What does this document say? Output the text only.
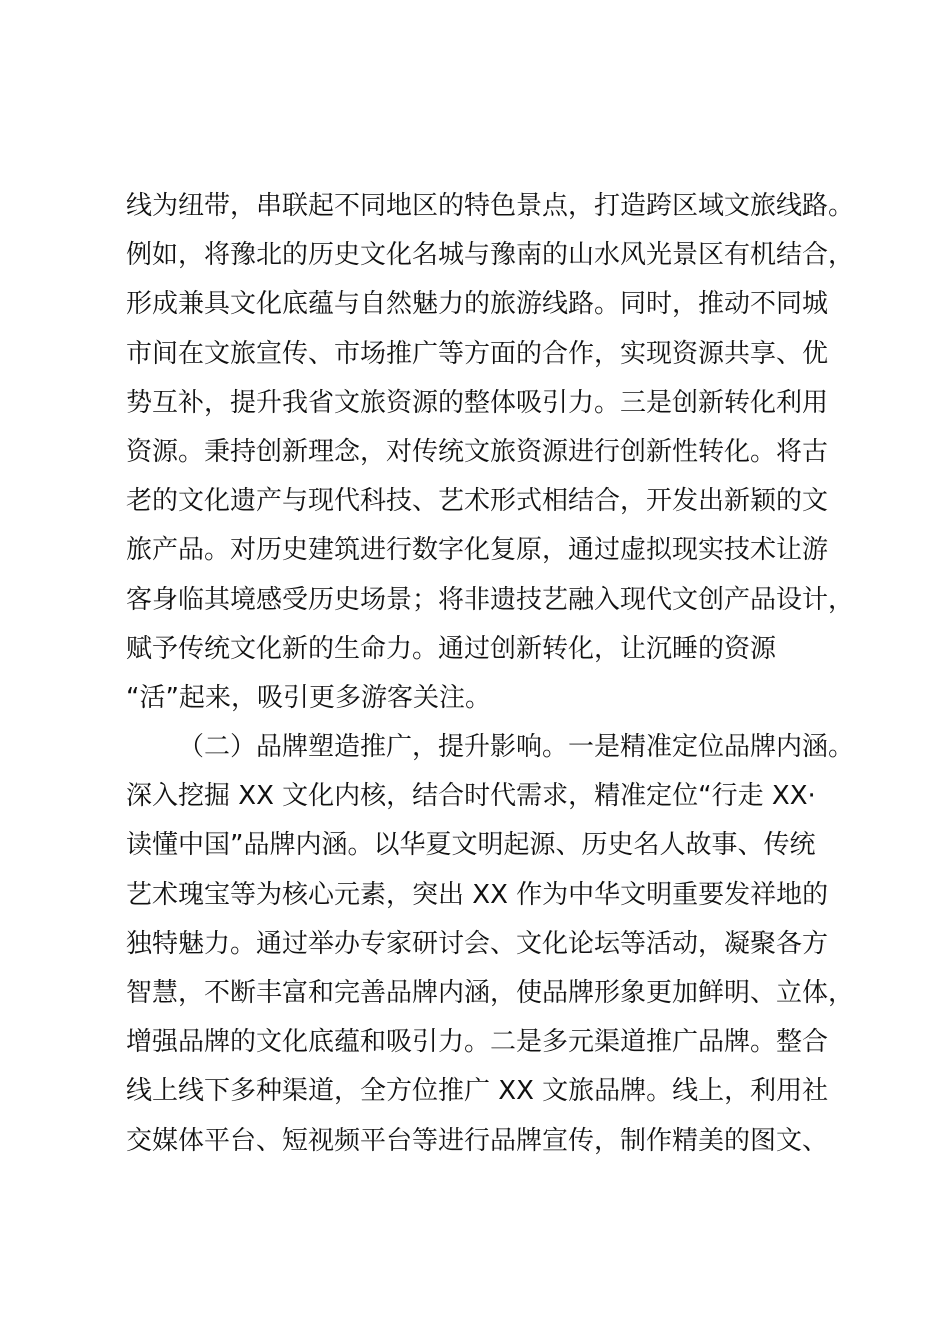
线为纽带，串联起不同地区的特色景点，打造跨区域文旅线路。
例如，将豫北的历史文化名城与豫南的山水风光景区有机结合，
形成兼具文化底蕴与自然魅力的旅游线路。同时，推动不同城
市间在文旅宣传、市场推广等方面的合作，实现资源共享、优
势互补，提升我省文旅资源的整体吸引力。三是创新转化利用
资源。秉持创新理念，对传统文旅资源进行创新性转化。将古
老的文化遗产与现代科技、艺术形式相结合，开发出新颖的文
旅产品。对历史建筑进行数字化复原，通过虚拟现实技术让游
客身临其境感受历史场景；将非遗技艺融入现代文创产品设计，
赋予传统文化新的生命力。通过创新转化，让沉睡的资源
“活”起来，吸引更多游客关注。
（二）品牌塑造推广，提升影响。一是精准定位品牌内涵。
深入挖掘 XX 文化内核，结合时代需求，精准定位“行走 XX·
读懂中国”品牌内涵。以华夏文明起源、历史名人故事、传统
艺术瑰宝等为核心元素，突出 XX 作为中华文明重要发祥地的
独特魅力。通过举办专家研讨会、文化论坛等活动，凝聚各方
智慧，不断丰富和完善品牌内涵，使品牌形象更加鲜明、立体，
增强品牌的文化底蕴和吸引力。二是多元渠道推广品牌。整合
线上线下多种渠道，全方位推广 XX 文旅品牌。线上，利用社
交媒体平台、短视频平台等进行品牌宣传，制作精美的图文、
